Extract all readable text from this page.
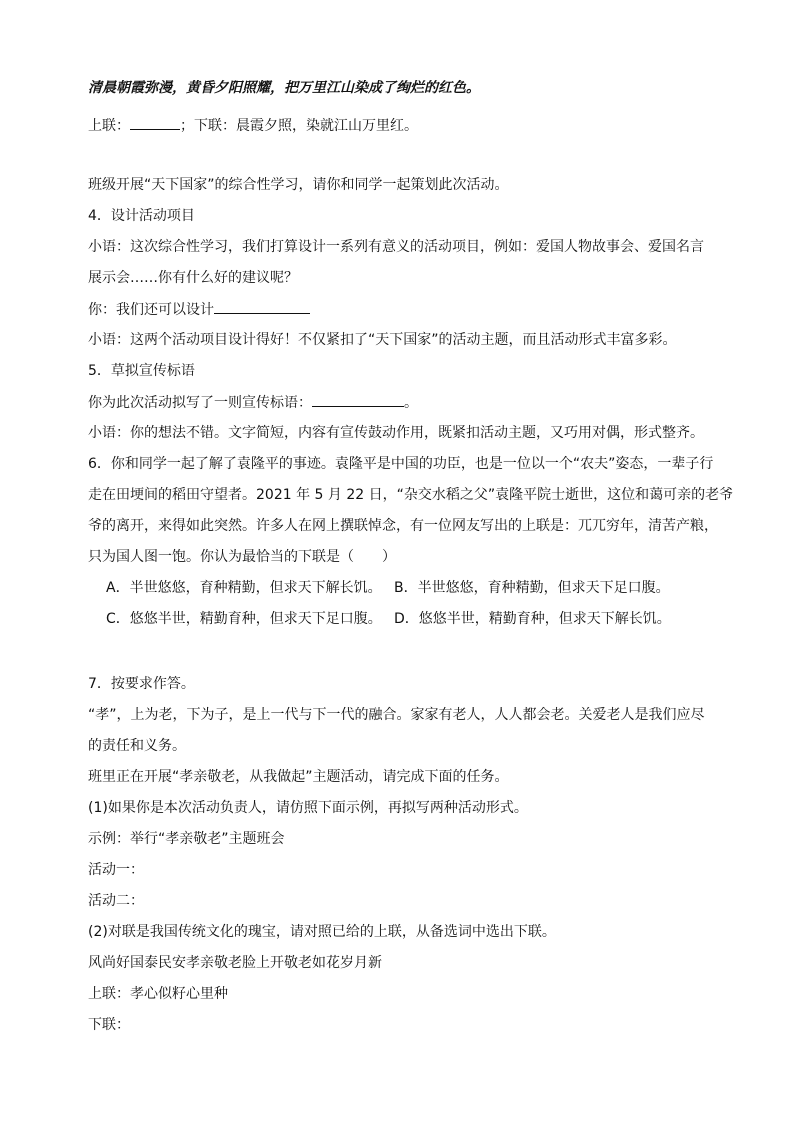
清晨朝霞弥漫，黄昏夕阳照耀，把万里江山染成了绚烂的红色。

上联：	；下联：晨霞夕照，染就江山万里红。

班级开展“天下国家”的综合性学习，请你和同学一起策划此次活动。

4．设计活动项目

小语：这次综合性学习，我们打算设计一系列有意义的活动项目，例如：爱国人物故事会、爱国名言

展示会……你有什么好的建议呢？

你：我们还可以设计

小语：这两个活动项目设计得好！不仅紧扣了“天下国家”的活动主题，而且活动形式丰富多彩。

5．草拟宣传标语

你为此次活动拟写了一则宣传标语：	。

小语：你的想法不错。文字简短，内容有宣传鼓动作用，既紧扣活动主题，又巧用对偶，形式整齐。

6．你和同学一起了解了袁隆平的事迹。袁隆平是中国的功臣，也是一位以一个“农夫”姿态，一辈子行

走在田埂间的稻田守望者。2021 年 5 月 22 日，“杂交水稻之父”袁隆平院士逝世，这位和蔼可亲的老爷

爷的离开，来得如此突然。许多人在网上撰联悼念，有一位网友写出的上联是：兀兀穷年，清苦产粮，

只为国人图一饱。你认为最恰当的下联是（　　）

A．半世悠悠，育种精勤，但求天下解长饥。 B．半世悠悠，育种精勤，但求天下足口腹。

C．悠悠半世，精勤育种，但求天下足口腹。 D．悠悠半世，精勤育种，但求天下解长饥。

7．按要求作答。

“孝”，上为老，下为子，是上一代与下一代的融合。家家有老人，人人都会老。关爱老人是我们应尽

的责任和义务。

班里正在开展“孝亲敬老，从我做起”主题活动，请完成下面的任务。

(1)如果你是本次活动负责人，请仿照下面示例，再拟写两种活动形式。

示例：举行“孝亲敬老”主题班会

活动一：

活动二：

(2)对联是我国传统文化的瑰宝，请对照已给的上联，从备选词中选出下联。

风尚好国泰民安孝亲敬老脸上开敬老如花岁月新

上联：孝心似籽心里种

下联：
